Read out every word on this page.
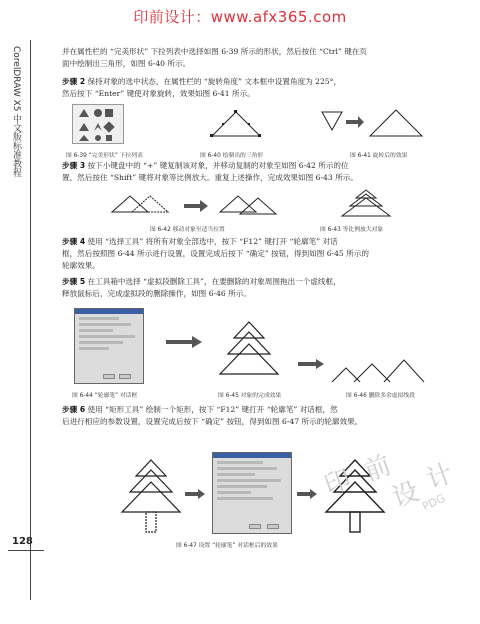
印前设计：www.afx365.com
CorelDRAW X5 中文版标准教程	并在属性栏的 “完美形状” 下拉列表中选择如图 6-39 所示的形状，然后按住 “Ctrl” 键在页
面中绘制出三角形，如图 6-40 所示。
步骤 2 保持对象的选中状态，在属性栏的 “旋转角度” 文本框中设置角度为 225°，
然后按下 “Enter” 键使对象旋转，效果如图 6-41 所示。
图 6-39 “完美形状” 下拉列表	图 6-40 绘制出的三角形	图 6-41 旋转后的效果
步骤 3 按下小键盘中的 “+” 键复制该对象，并移动复制的对象至如图 6-42 所示的位
置，然后按住 “Shift” 键将对象等比例放大。重复上述操作，完成效果如图 6-43 所示。
图 6-42 移动对象至适当位置	图 6-43 等比例放大对象
步骤 4 使用 “选择工具” 将所有对象全部选中，按下 “F12” 键打开 “轮廓笔” 对话
框，然后按照图 6-44 所示进行设置，设置完成后按下 “确定” 按钮，得到如图 6-45 所示的
轮廓效果。
步骤 5 在工具箱中选择 “虚拟段删除工具”，在要删除的对象周围拖出一个虚线框，
释放鼠标后，完成虚拟段的删除操作，如图 6-46 所示。
图 6-44 “轮廓笔” 对话框	图 6-45 对象的完成效果	图 6-46 删除多余虚拟线段
步骤 6 使用 “矩形工具” 绘制一个矩形，按下 “F12” 键打开 “轮廓笔” 对话框，然
后进行相应的参数设置，设置完成后按下 “确定” 按钮，得到如图 6-47 所示的轮廓效果。
图 6-47 设置 “轮廓笔” 对话框后的效果
印 前
设 计
PDG
128
